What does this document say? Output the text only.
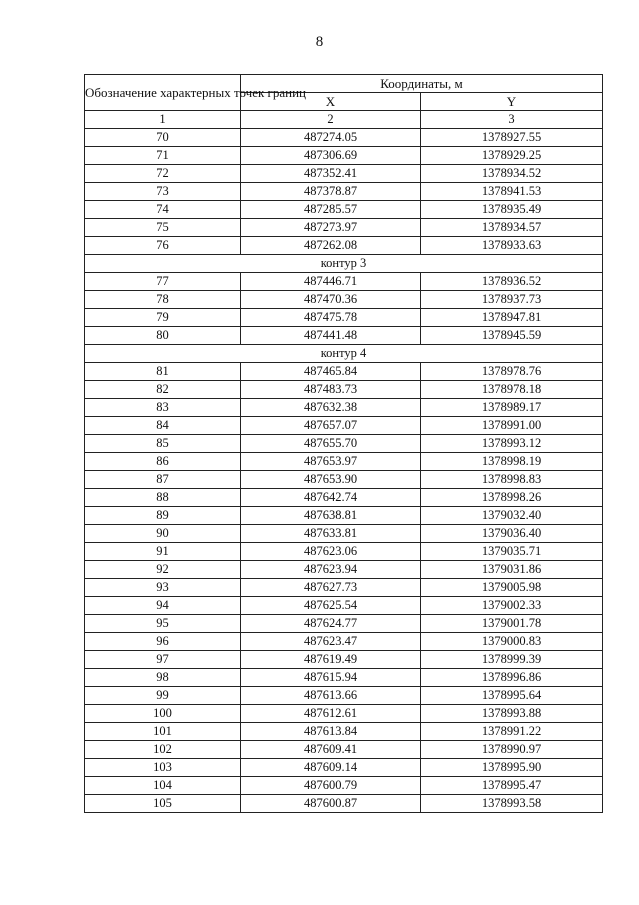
8
Обозначение характерных точек границ	Координаты, м	
	X	Y
1	2	3
70	487274.05	1378927.55
71	487306.69	1378929.25
72	487352.41	1378934.52
73	487378.87	1378941.53
74	487285.57	1378935.49
75	487273.97	1378934.57
76	487262.08	1378933.63
контур 3		
77	487446.71	1378936.52
78	487470.36	1378937.73
79	487475.78	1378947.81
80	487441.48	1378945.59
контур 4		
81	487465.84	1378978.76
82	487483.73	1378978.18
83	487632.38	1378989.17
84	487657.07	1378991.00
85	487655.70	1378993.12
86	487653.97	1378998.19
87	487653.90	1378998.83
88	487642.74	1378998.26
89	487638.81	1379032.40
90	487633.81	1379036.40
91	487623.06	1379035.71
92	487623.94	1379031.86
93	487627.73	1379005.98
94	487625.54	1379002.33
95	487624.77	1379001.78
96	487623.47	1379000.83
97	487619.49	1378999.39
98	487615.94	1378996.86
99	487613.66	1378995.64
100	487612.61	1378993.88
101	487613.84	1378991.22
102	487609.41	1378990.97
103	487609.14	1378995.90
104	487600.79	1378995.47
105	487600.87	1378993.58
